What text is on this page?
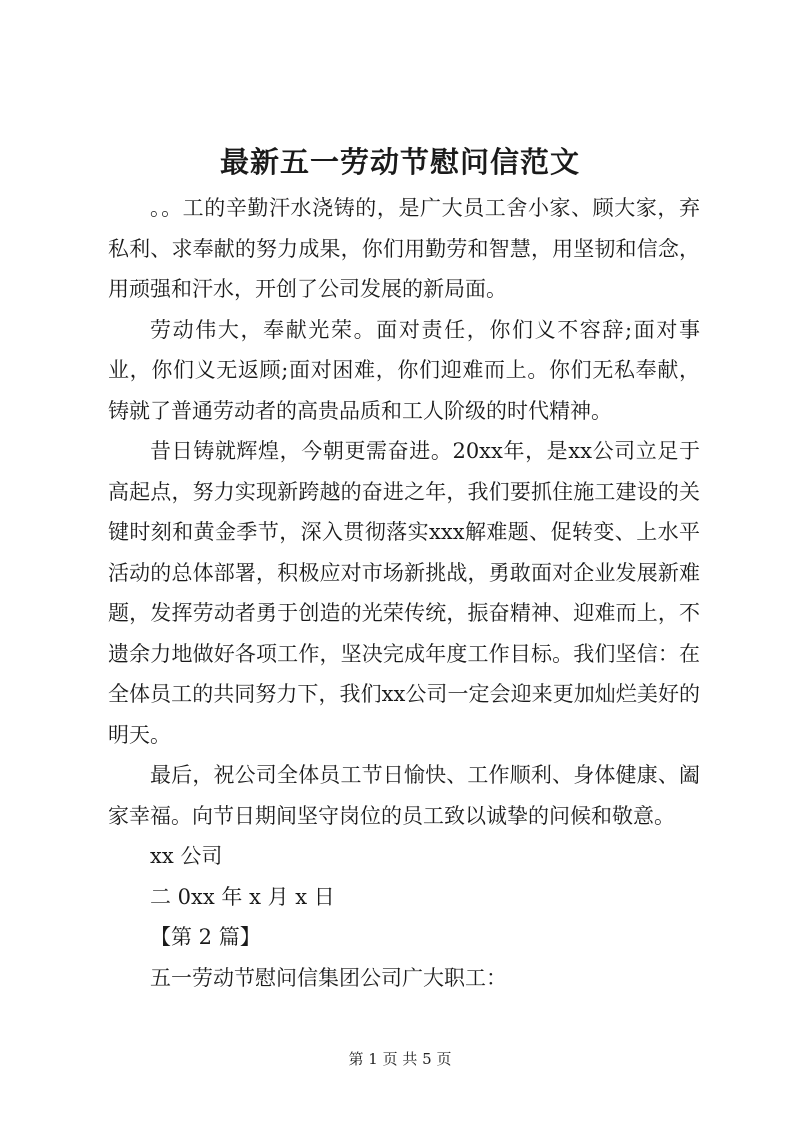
最新五一劳动节慰问信范文

。。工的辛勤汗水浇铸的，是广大员工舍小家、顾大家，弃私利、求奉献的努力成果，你们用勤劳和智慧，用坚韧和信念，用顽强和汗水，开创了公司发展的新局面。

劳动伟大，奉献光荣。面对责任，你们义不容辞;面对事业，你们义无返顾;面对困难，你们迎难而上。你们无私奉献，铸就了普通劳动者的高贵品质和工人阶级的时代精神。

昔日铸就辉煌，今朝更需奋进。20xx年，是xx公司立足于高起点，努力实现新跨越的奋进之年，我们要抓住施工建设的关键时刻和黄金季节，深入贯彻落实xxx解难题、促转变、上水平活动的总体部署，积极应对市场新挑战，勇敢面对企业发展新难题，发挥劳动者勇于创造的光荣传统，振奋精神、迎难而上，不遗余力地做好各项工作，坚决完成年度工作目标。我们坚信：在全体员工的共同努力下，我们xx公司一定会迎来更加灿烂美好的明天。

最后，祝公司全体员工节日愉快、工作顺利、身体健康、阖家幸福。向节日期间坚守岗位的员工致以诚挚的问候和敬意。

xx 公司

二 0xx 年 x 月 x 日

【第 2 篇】

五一劳动节慰问信集团公司广大职工：

第 1 页 共 5 页
